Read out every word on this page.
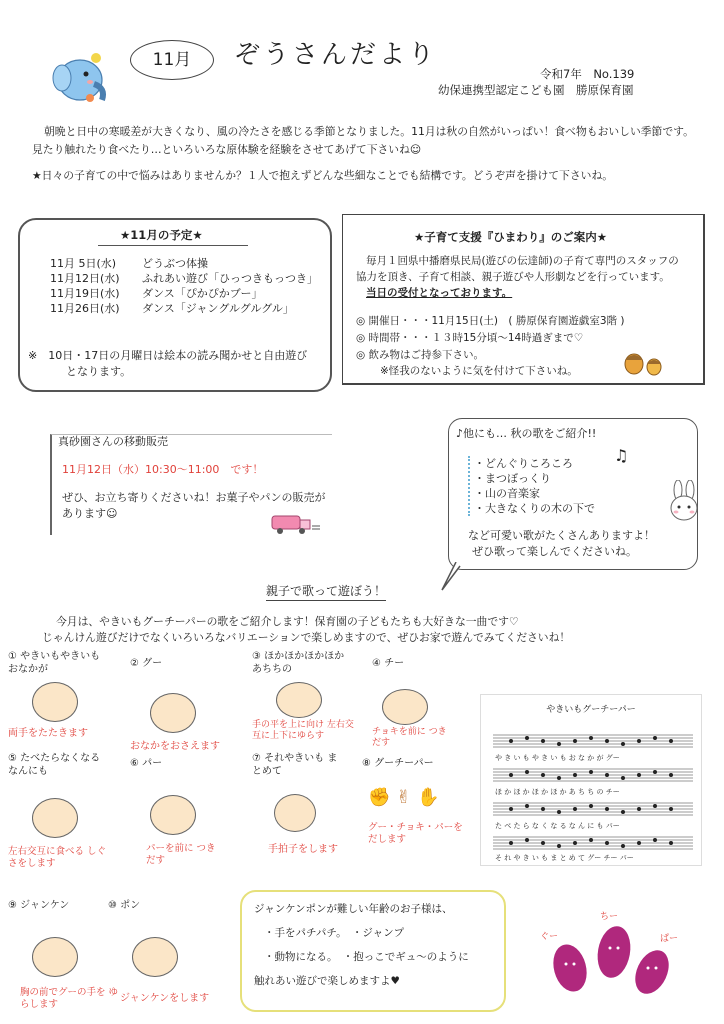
11月	ぞうさんだより
令和7年　No.139
幼保連携型認定こども園　勝原保育園
朝晩と日中の寒暖差が大きくなり、風の冷たさを感じる季節となりました。11月は秋の自然がいっぱい！食べ物もおいしい季節です。
見たり触れたり食べたり…といろいろな原体験を経験をさせてあげて下さいね☺
★日々の子育ての中で悩みはありませんか？１人で抱えずどんな些細なことでも結構です。どうぞ声を掛けて下さいね。
★11月の予定★
11月 5日(水) どうぶつ体操
11月12日(水) ふれあい遊び「ひっつきもっつき」
11月19日(水) ダンス「ぴかぴかブー」
11月26日(水) ダンス「ジャングルグルグル」
※　10日・17日の月曜日は絵本の読み聞かせと自由遊び
となります。
★子育て支援『ひまわり』のご案内★
毎月１回県中播磨県民局(遊びの伝達師)の子育て専門のスタッフの
協力を頂き、子育て相談、親子遊びや人形劇などを行っています。
当日の受付となっております。
◎ 開催日・・・11月15日(土)　( 勝原保育園遊戯室3階 )
◎ 時間帯・・・１３時15分頃～14時過ぎまで♡
◎ 飲み物はご持参下さい。
※怪我のないように気を付けて下さいね。
真砂園さんの移動販売
11月12日（水）10:30～11:00　です！
ぜひ、お立ち寄りくださいね！お菓子やパンの販売が
あります☺
♪他にも… 秋の歌をご紹介!!
・どんぐりころころ
・まつぼっくり
・山の音楽家
・大きなくりの木の下で
など可愛い歌がたくさんありますよ！
ぜひ歌って楽しんでくださいね。
♫
親子で歌って遊ぼう！
今月は、やきいもグーチーパーの歌をご紹介します！保育園の子どもたちも大好きな一曲です♡
じゃんけん遊びだけでなくいろいろなバリエーションで楽しめますので、ぜひお家で遊んでみてくださいね！
① やきいもやきいも おなかが
両手をたたきます
② グー
おなかをおさえます
③ ほかほかほかほか あちちの
手の平を上に向け 左右交互に上下にゆらす
④ チー
チョキを前に つきだす
⑤ たべたらなくなる なんにも
左右交互に食べる しぐさをします
⑥ パー
パーを前に つきだす
⑦ それやきいも まとめて
手拍子をします
⑧ グーチーパー
✊ ✌ ✋
グー・チョキ・パーを だします
やきいもグーチーパー
や き い も や き い も お な か が グー
ほ か ほ か ほ か ほ か あ ち ち の チー
た べ た ら な く な る な ん に も パー
そ れ や き い も ま と め て グー チー パー
⑨ ジャンケン
胸の前でグーの手を ゆらします
⑩ ポン
ジャンケンをします
ジャンケンポンが難しい年齢のお子様は、
・手をパチパチ。　・ジャンプ
・動物になる。　・抱っこでギュ～のように
触れあい遊びで楽しめますよ♥
ぐー
ちー
ぱー
